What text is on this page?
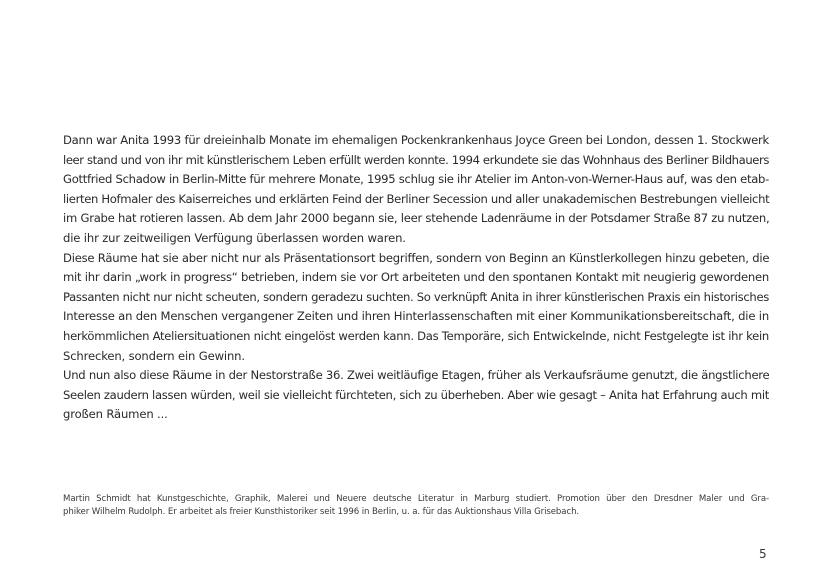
Dann war Anita 1993 für dreieinhalb Monate im ehemaligen Pockenkrankenhaus Joyce Green bei London, dessen 1. Stockwerk
leer stand und von ihr mit künstlerischem Leben erfüllt werden konnte. 1994 erkundete sie das Wohnhaus des Berliner Bildhauers
Gottfried Schadow in Berlin-Mitte für mehrere Monate, 1995 schlug sie ihr Atelier im Anton-von-Werner-Haus auf, was den etab-
lierten Hofmaler des Kaiserreiches und erklärten Feind der Berliner Secession und aller unakademischen Bestrebungen vielleicht
im Grabe hat rotieren lassen. Ab dem Jahr 2000 begann sie, leer stehende Ladenräume in der Potsdamer Straße 87 zu nutzen,
die ihr zur zeitweiligen Verfügung überlassen worden waren.
Diese Räume hat sie aber nicht nur als Präsentationsort begriffen, sondern von Beginn an Künstlerkollegen hinzu gebeten, die
mit ihr darin „work in progress“ betrieben, indem sie vor Ort arbeiteten und den spontanen Kontakt mit neugierig gewordenen
Passanten nicht nur nicht scheuten, sondern geradezu suchten. So verknüpft Anita in ihrer künstlerischen Praxis ein historisches
Interesse an den Menschen vergangener Zeiten und ihren Hinterlassenschaften mit einer Kommunikationsbereitschaft, die in
herkömmlichen Ateliersituationen nicht eingelöst werden kann. Das Temporäre, sich Entwickelnde, nicht Festgelegte ist ihr kein
Schrecken, sondern ein Gewinn.
Und nun also diese Räume in der Nestorstraße 36. Zwei weitläufige Etagen, früher als Verkaufsräume genutzt, die ängstlichere
Seelen zaudern lassen würden, weil sie vielleicht fürchteten, sich zu überheben. Aber wie gesagt – Anita hat Erfahrung auch mit
großen Räumen ...
Martin Schmidt hat Kunstgeschichte, Graphik, Malerei und Neuere deutsche Literatur in Marburg studiert. Promotion über den Dresdner Maler und Gra-
phiker Wilhelm Rudolph. Er arbeitet als freier Kunsthistoriker seit 1996 in Berlin, u. a. für das Auktionshaus Villa Grisebach.
5
